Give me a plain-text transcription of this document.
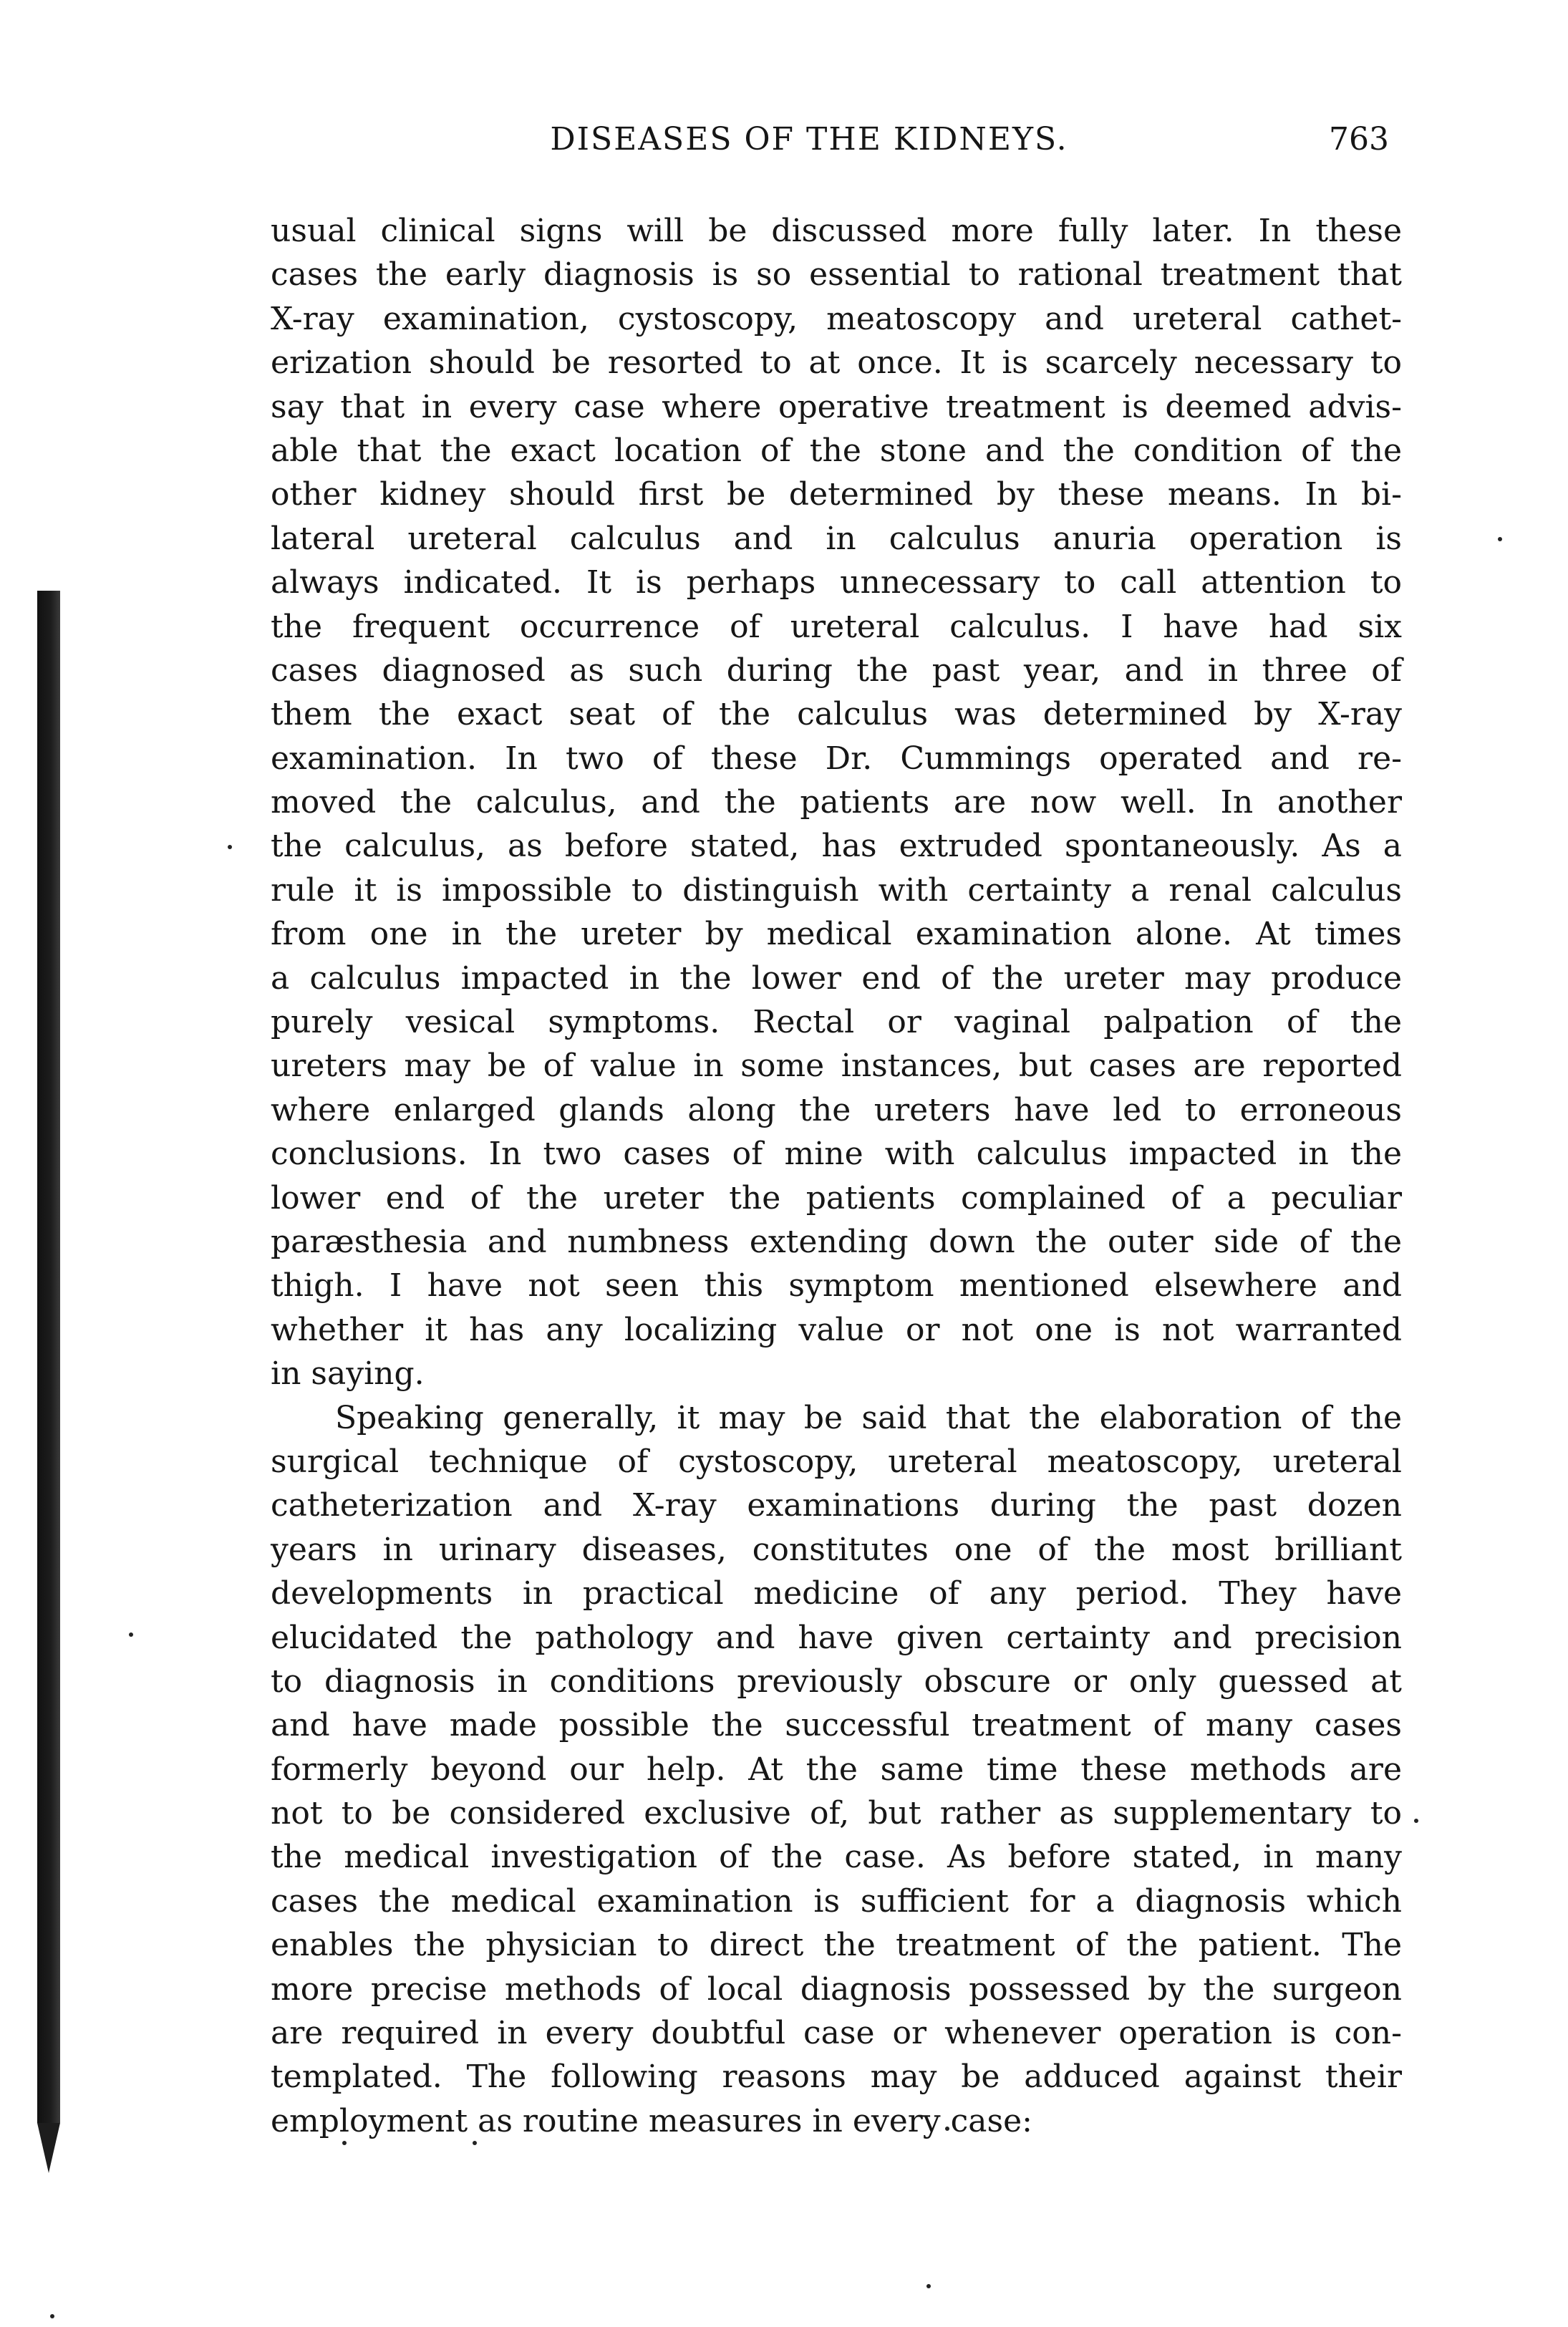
DISEASES OF THE KIDNEYS.	763
usual clinical signs will be discussed more fully later. In these
cases the early diagnosis is so essential to rational treatment that
X-ray examination, cystoscopy, meatoscopy and ureteral cathet-
erization should be resorted to at once. It is scarcely necessary to
say that in every case where operative treatment is deemed advis-
able that the exact location of the stone and the condition of the
other kidney should first be determined by these means. In bi-
lateral ureteral calculus and in calculus anuria operation is
always indicated. It is perhaps unnecessary to call attention to
the frequent occurrence of ureteral calculus. I have had six
cases diagnosed as such during the past year, and in three of
them the exact seat of the calculus was determined by X-ray
examination. In two of these Dr. Cummings operated and re-
moved the calculus, and the patients are now well. In another
the calculus, as before stated, has extruded spontaneously. As a
rule it is impossible to distinguish with certainty a renal calculus
from one in the ureter by medical examination alone. At times
a calculus impacted in the lower end of the ureter may produce
purely vesical symptoms. Rectal or vaginal palpation of the
ureters may be of value in some instances, but cases are reported
where enlarged glands along the ureters have led to erroneous
conclusions. In two cases of mine with calculus impacted in the
lower end of the ureter the patients complained of a peculiar
paræsthesia and numbness extending down the outer side of the
thigh. I have not seen this symptom mentioned elsewhere and
whether it has any localizing value or not one is not warranted
in saying.
Speaking generally, it may be said that the elaboration of the
surgical technique of cystoscopy, ureteral meatoscopy, ureteral
catheterization and X-ray examinations during the past dozen
years in urinary diseases, constitutes one of the most brilliant
developments in practical medicine of any period. They have
elucidated the pathology and have given certainty and precision
to diagnosis in conditions previously obscure or only guessed at
and have made possible the successful treatment of many cases
formerly beyond our help. At the same time these methods are
not to be considered exclusive of, but rather as supplementary to
the medical investigation of the case. As before stated, in many
cases the medical examination is sufficient for a diagnosis which
enables the physician to direct the treatment of the patient. The
more precise methods of local diagnosis possessed by the surgeon
are required in every doubtful case or whenever operation is con-
templated. The following reasons may be adduced against their
employment as routine measures in every case:
